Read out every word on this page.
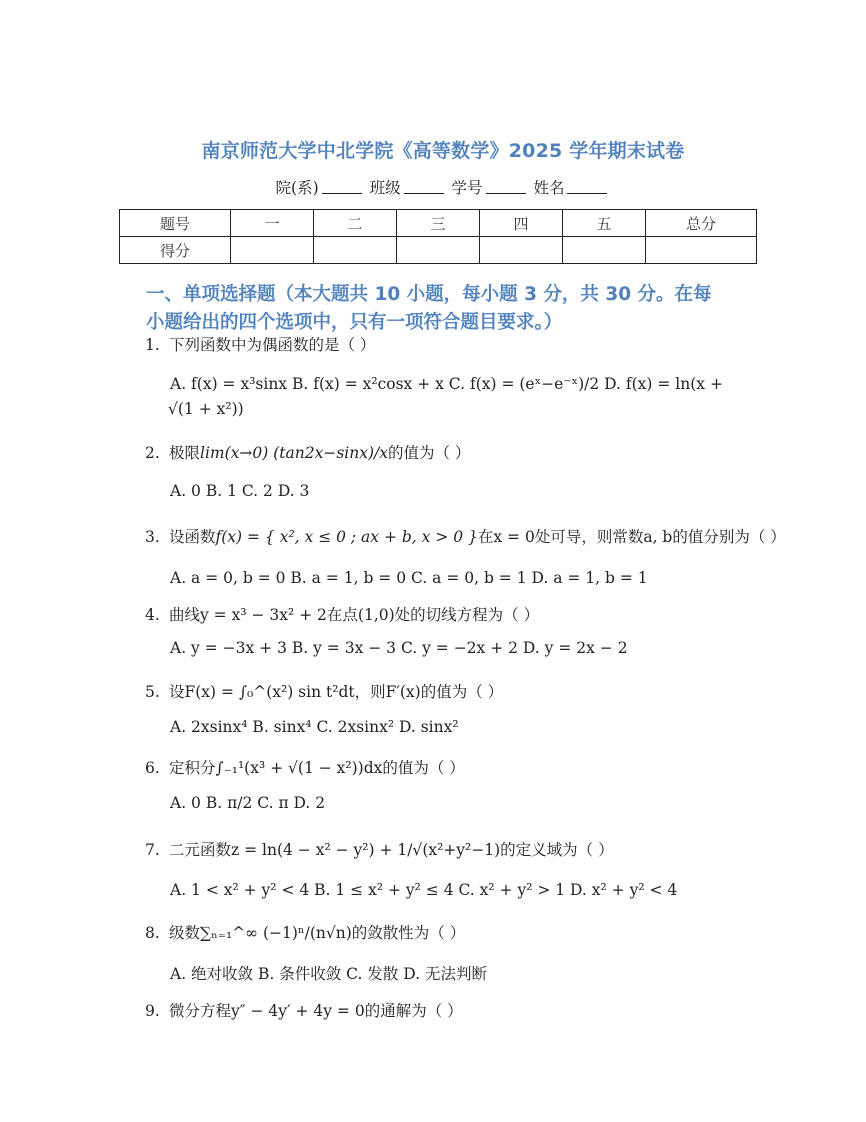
南京师范大学中北学院《高等数学》2025 学年期末试卷
院(系)	班级	学号	姓名
题号	一	二	三	四	五	总分
得分						
一、单项选择题（本大题共 10 小题，每小题 3 分，共 30 分。在每
小题给出的四个选项中，只有一项符合题目要求。）
1. 下列函数中为偶函数的是（ ）
A. f(x) = x³sinx B. f(x) = x²cosx + x C. f(x) = (eˣ−e⁻ˣ)/2 D. f(x) = ln(x +
√(1 + x²))
2. 极限lim(x→0) (tan2x−sinx)/x的值为（ ）
A. 0 B. 1 C. 2 D. 3
3. 设函数f(x) = { x², x ≤ 0 ; ax + b, x > 0 }在x = 0处可导，则常数a, b的值分别为（ ）
A. a = 0, b = 0 B. a = 1, b = 0 C. a = 0, b = 1 D. a = 1, b = 1
4. 曲线y = x³ − 3x² + 2在点(1,0)处的切线方程为（ ）
A. y = −3x + 3 B. y = 3x − 3 C. y = −2x + 2 D. y = 2x − 2
5. 设F(x) = ∫₀^(x²) sin t²dt，则F′(x)的值为（ ）
A. 2xsinx⁴ B. sinx⁴ C. 2xsinx² D. sinx²
6. 定积分∫₋₁¹(x³ + √(1 − x²))dx的值为（ ）
A. 0 B. π/2 C. π D. 2
7. 二元函数z = ln(4 − x² − y²) + 1/√(x²+y²−1)的定义域为（ ）
A. 1 < x² + y² < 4 B. 1 ≤ x² + y² ≤ 4 C. x² + y² > 1 D. x² + y² < 4
8. 级数∑ₙ₌₁^∞ (−1)ⁿ/(n√n)的敛散性为（ ）
A. 绝对收敛 B. 条件收敛 C. 发散 D. 无法判断
9. 微分方程y″ − 4y′ + 4y = 0的通解为（ ）
